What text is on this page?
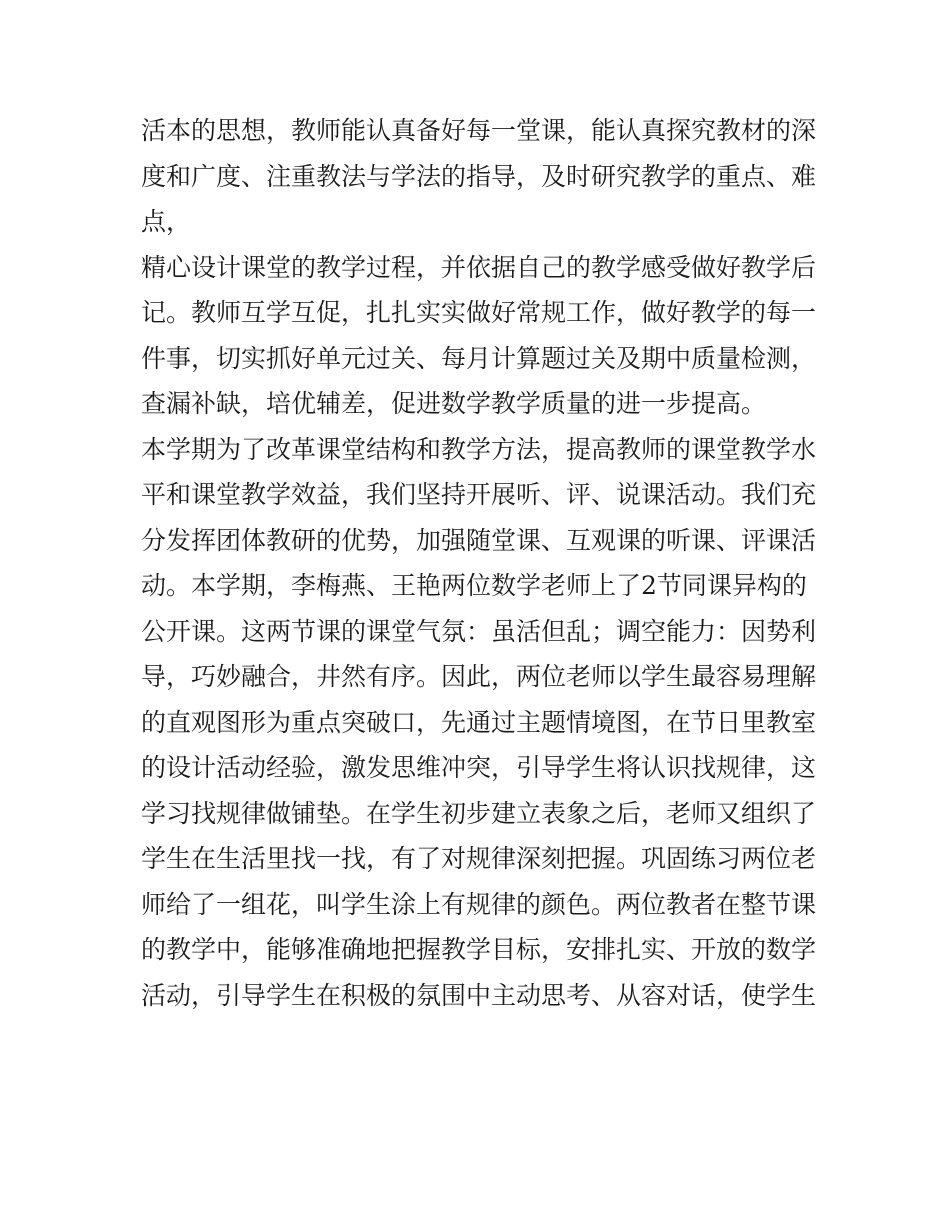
活本的思想，教师能认真备好每一堂课，能认真探究教材的深
度和广度、注重教法与学法的指导，及时研究教学的重点、难
点，
精心设计课堂的教学过程，并依据自己的教学感受做好教学后
记。教师互学互促，扎扎实实做好常规工作，做好教学的每一
件事，切实抓好单元过关、每月计算题过关及期中质量检测，
查漏补缺，培优辅差，促进数学教学质量的进一步提高。
本学期为了改革课堂结构和教学方法，提高教师的课堂教学水
平和课堂教学效益，我们坚持开展听、评、说课活动。我们充
分发挥团体教研的优势，加强随堂课、互观课的听课、评课活
动。本学期，李梅燕、王艳两位数学老师上了2节同课异构的
公开课。这两节课的课堂气氛：虽活但乱；调空能力：因势利
导，巧妙融合，井然有序。因此，两位老师以学生最容易理解
的直观图形为重点突破口，先通过主题情境图，在节日里教室
的设计活动经验，激发思维冲突，引导学生将认识找规律，这
学习找规律做铺垫。在学生初步建立表象之后，老师又组织了
学生在生活里找一找，有了对规律深刻把握。巩固练习两位老
师给了一组花，叫学生涂上有规律的颜色。两位教者在整节课
的教学中，能够准确地把握教学目标，安排扎实、开放的数学
活动，引导学生在积极的氛围中主动思考、从容对话，使学生
